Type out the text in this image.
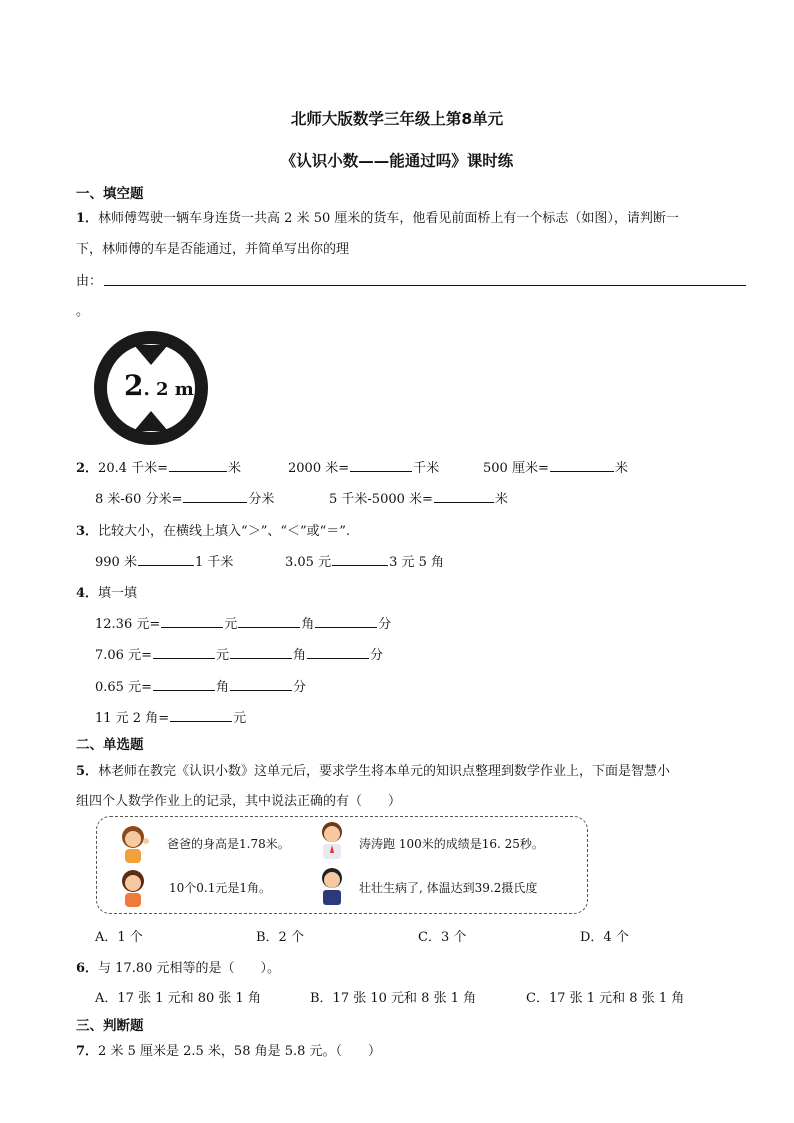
北师大版数学三年级上第8单元
《认识小数——能通过吗》课时练
一、填空题
1．林师傅驾驶一辆车身连货一共高 2 米 50 厘米的货车，他看见前面桥上有一个标志（如图），请判断一
下，林师傅的车是否能通过，并简单写出你的理
由：
。
2. 2 m
2．20.4 千米=	米	2000 米=	千米	500 厘米=	米
8 米-60 分米=	分米	5 千米-5000 米=	米
3．比较大小，在横线上填入“＞”、“＜”或“＝”.
990 米	1 千米	3.05 元	3 元 5 角
4．填一填
12.36 元=	元	角	分
7.06 元=	元	角	分
0.65 元=	角	分
11 元 2 角=	元
二、单选题
5．林老师在教完《认识小数》这单元后，要求学生将本单元的知识点整理到数学作业上，下面是智慧小
组四个人数学作业上的记录，其中说法正确的有（　　）
爸爸的身高是1.78米。	涛涛跑 100米的成绩是16. 25秒。
10个0.1元是1角。	壮壮生病了, 体温达到39.2摄氏度
A．1 个	B．2 个	C．3 个	D．4 个
6．与 17.80 元相等的是（　　）。
A．17 张 1 元和 80 张 1 角	B．17 张 10 元和 8 张 1 角	C．17 张 1 元和 8 张 1 角
三、判断题
7．2 米 5 厘米是 2.5 米，58 角是 5.8 元。（　　）
